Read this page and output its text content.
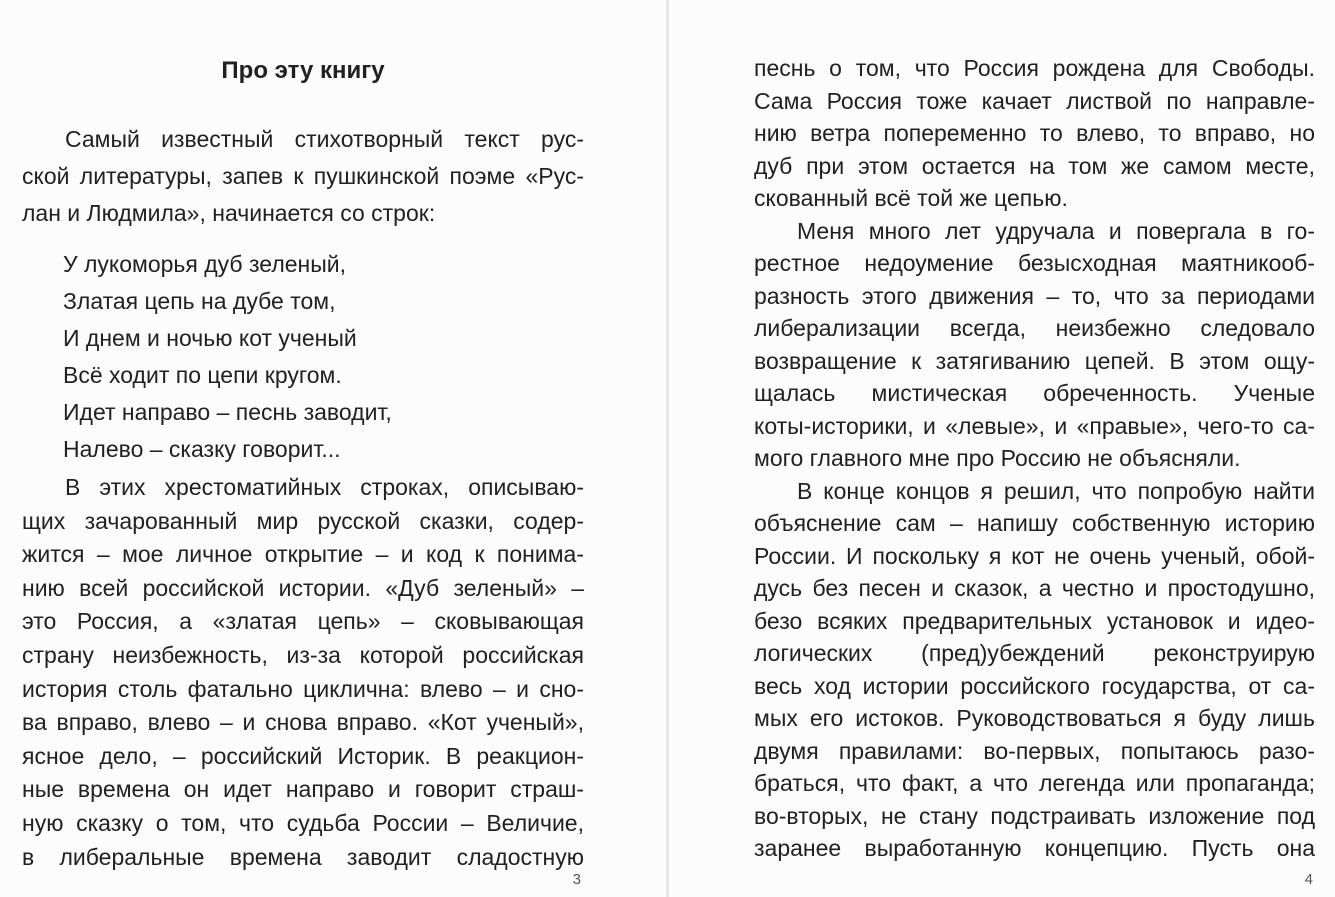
Про эту книгу
Самый известный стихотворный текст рус-
ской литературы, запев к пушкинской поэме «Рус-
лан и Людмила», начинается со строк:
У лукоморья дуб зеленый,
Златая цепь на дубе том,
И днем и ночью кот ученый
Всё ходит по цепи кругом.
Идет направо – песнь заводит,
Налево – сказку говорит...
В этих хрестоматийных строках, описываю-
щих зачарованный мир русской сказки, содер-
жится – мое личное открытие – и код к понима-
нию всей российской истории. «Дуб зеленый» –
это Россия, а «златая цепь» – сковывающая
страну неизбежность, из-за которой российская
история столь фатально циклична: влево – и сно-
ва вправо, влево – и снова вправо. «Кот ученый»,
ясное дело, – российский Историк. В реакцион-
ные времена он идет направо и говорит страш-
ную сказку о том, что судьба России – Величие,
в либеральные времена заводит сладостную
3
песнь о том, что Россия рождена для Свободы.
Сама Россия тоже качает листвой по направле-
нию ветра попеременно то влево, то вправо, но
дуб при этом остается на том же самом месте,
скованный всё той же цепью.
Меня много лет удручала и повергала в го-
рестное недоумение безысходная маятникооб-
разность этого движения – то, что за периодами
либерализации всегда, неизбежно следовало
возвращение к затягиванию цепей. В этом ощу-
щалась мистическая обреченность. Ученые
коты-историки, и «левые», и «правые», чего-то са-
мого главного мне про Россию не объясняли.
В конце концов я решил, что попробую найти
объяснение сам – напишу собственную историю
России. И поскольку я кот не очень ученый, обой-
дусь без песен и сказок, а честно и простодушно,
безо всяких предварительных установок и идео-
логических (пред)убеждений реконструирую
весь ход истории российского государства, от са-
мых его истоков. Руководствоваться я буду лишь
двумя правилами: во-первых, попытаюсь разо-
браться, что факт, а что легенда или пропаганда;
во-вторых, не стану подстраивать изложение под
заранее выработанную концепцию. Пусть она
4
